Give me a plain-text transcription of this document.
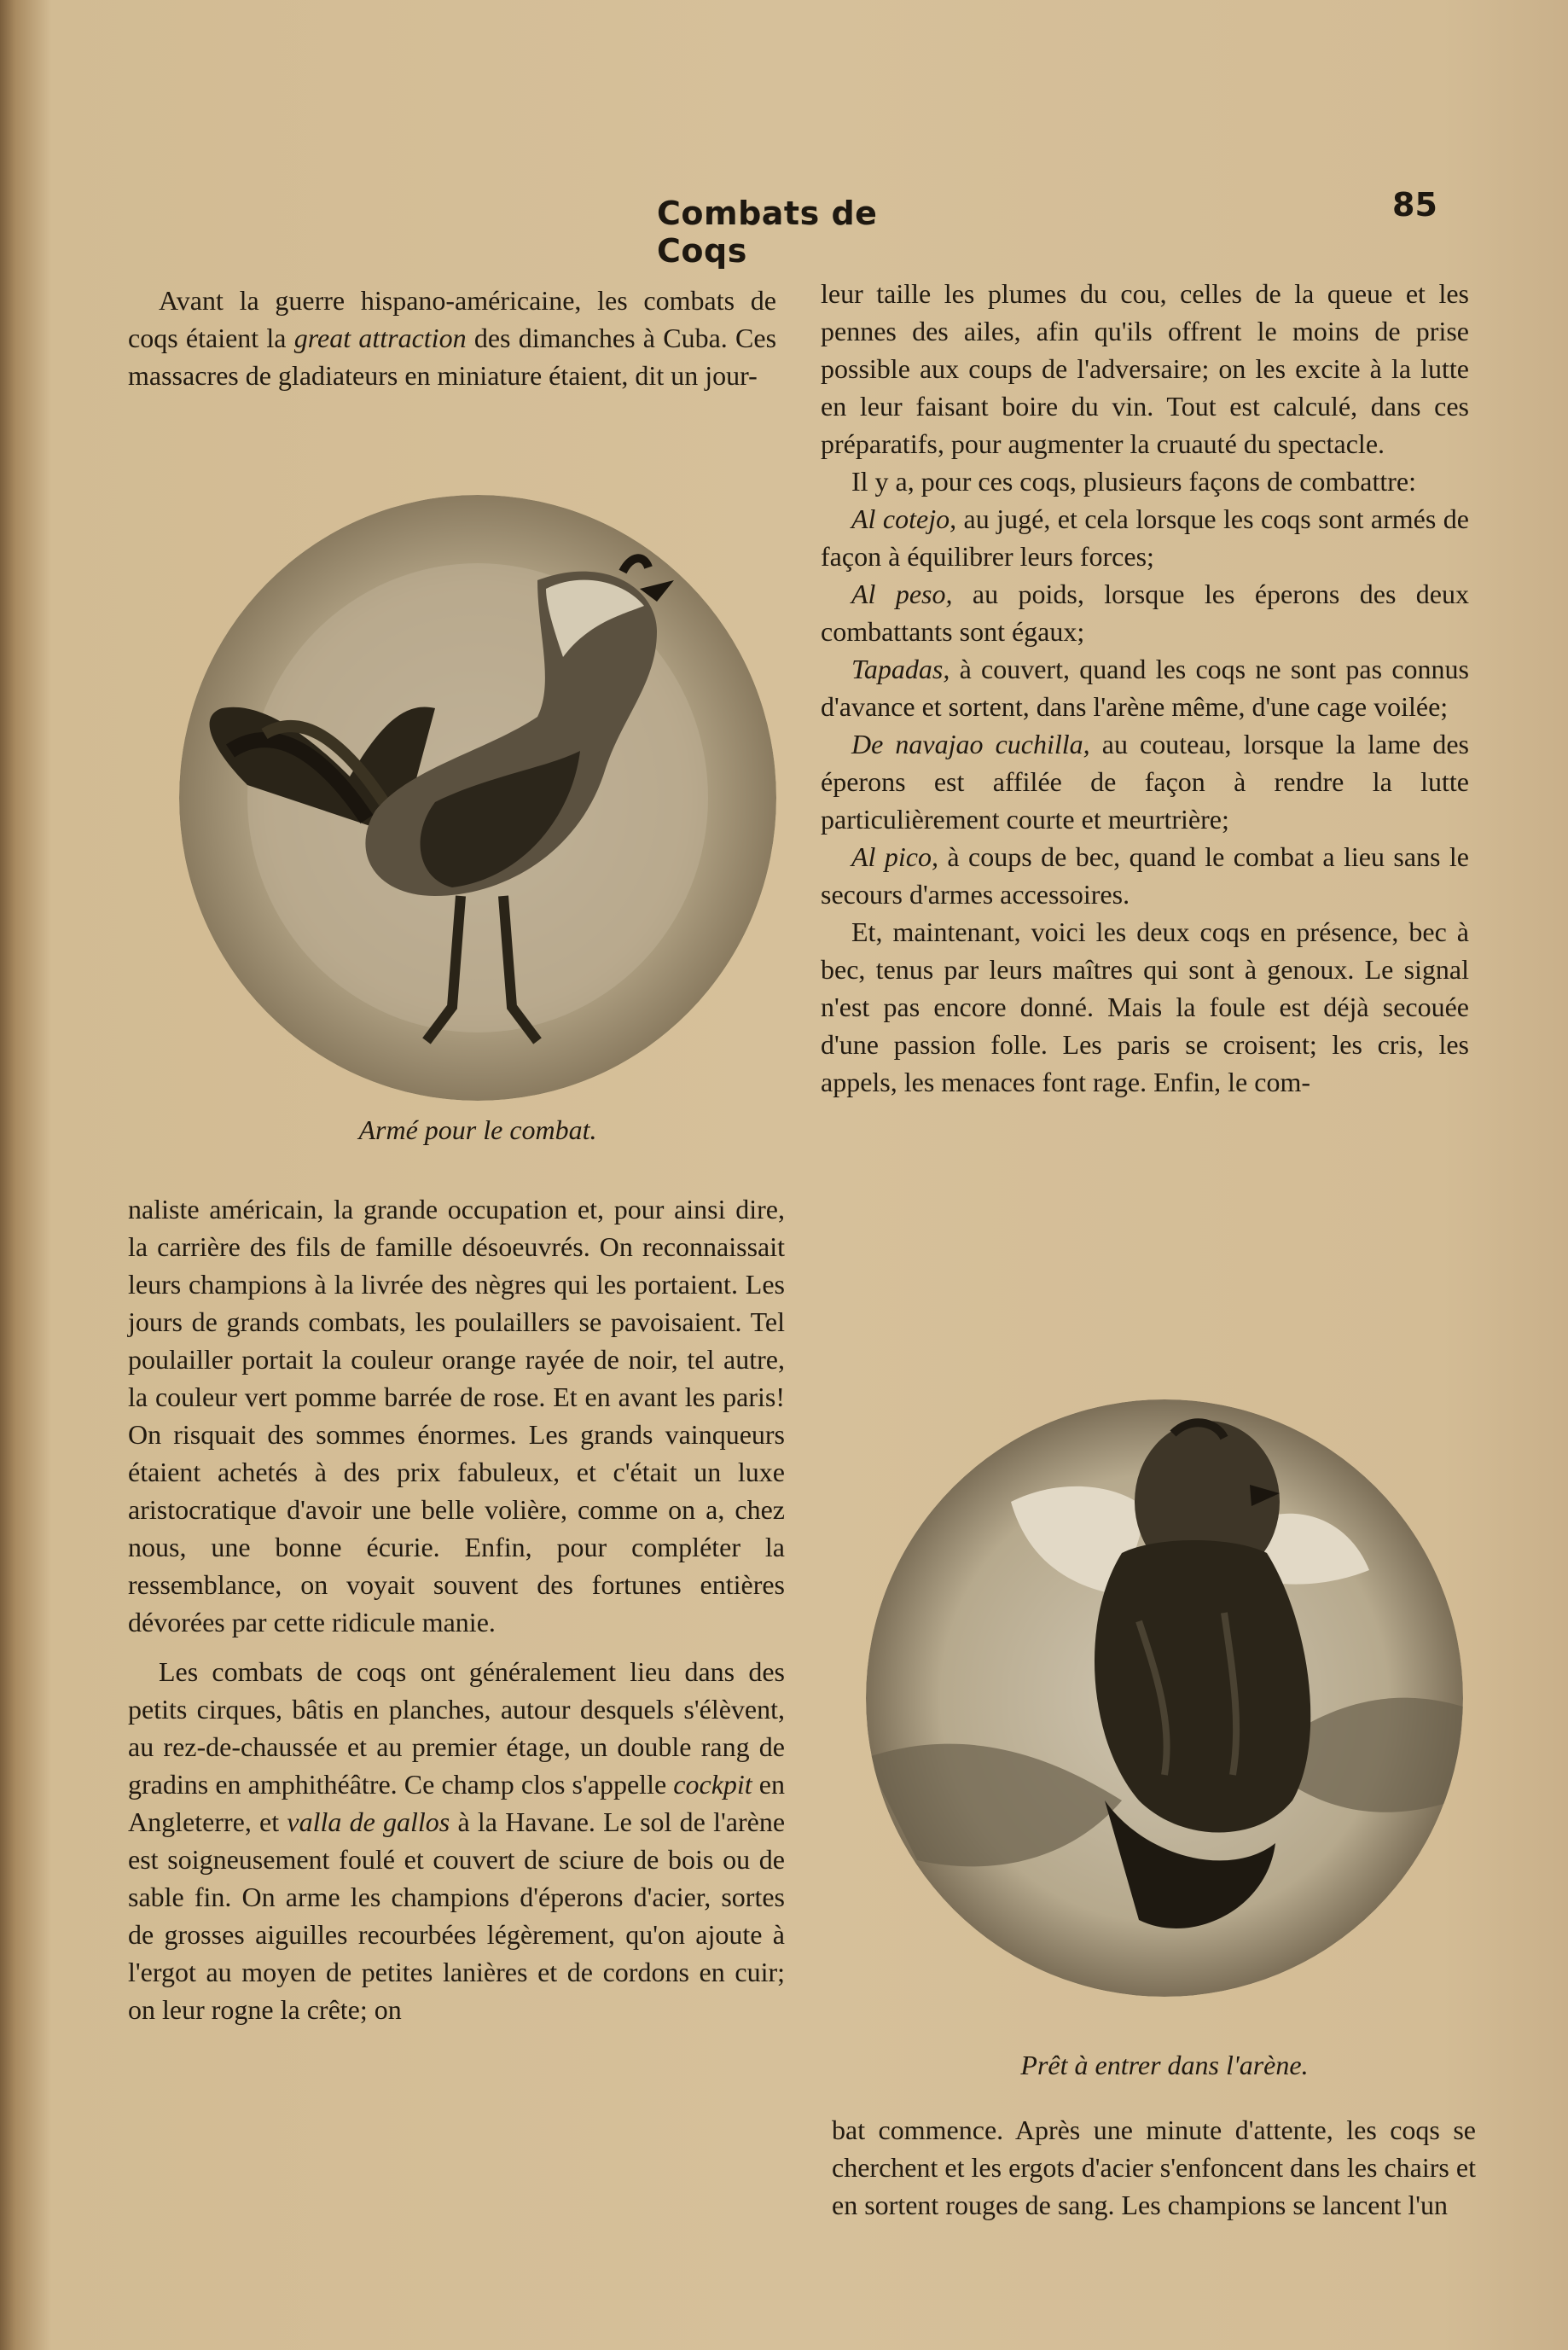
Combats de Coqs
85

Avant la guerre hispano-américaine, les combats de coqs étaient la great attraction des dimanches à Cuba. Ces massacres de gladiateurs en miniature étaient, dit un jour-

Armé pour le combat.

naliste américain, la grande occupation et, pour ainsi dire, la carrière des fils de famille désoeuvrés. On reconnaissait leurs champions à la livrée des nègres qui les portaient. Les jours de grands combats, les poulaillers se pavoisaient. Tel poulailler portait la couleur orange rayée de noir, tel autre, la couleur vert pomme barrée de rose. Et en avant les paris! On risquait des sommes énormes. Les grands vainqueurs étaient achetés à des prix fabuleux, et c'était un luxe aristocratique d'avoir une belle volière, comme on a, chez nous, une bonne écurie. Enfin, pour compléter la ressemblance, on voyait souvent des fortunes entières dévorées par cette ridicule manie.

Les combats de coqs ont généralement lieu dans des petits cirques, bâtis en planches, autour desquels s'élèvent, au rez-de-chaussée et au premier étage, un double rang de gradins en amphithéâtre. Ce champ clos s'appelle cockpit en Angleterre, et valla de gallos à la Havane. Le sol de l'arène est soigneusement foulé et couvert de sciure de bois ou de sable fin. On arme les champions d'éperons d'acier, sortes de grosses aiguilles recourbées légèrement, qu'on ajoute à l'ergot au moyen de petites lanières et de cordons en cuir; on leur rogne la crête; on

leur taille les plumes du cou, celles de la queue et les pennes des ailes, afin qu'ils offrent le moins de prise possible aux coups de l'adversaire; on les excite à la lutte en leur faisant boire du vin. Tout est calculé, dans ces préparatifs, pour augmenter la cruauté du spectacle.

Il y a, pour ces coqs, plusieurs façons de combattre:

Al cotejo, au jugé, et cela lorsque les coqs sont armés de façon à équilibrer leurs forces;

Al peso, au poids, lorsque les éperons des deux combattants sont égaux;

Tapadas, à couvert, quand les coqs ne sont pas connus d'avance et sortent, dans l'arène même, d'une cage voilée;

De navajao cuchilla, au couteau, lorsque la lame des éperons est affilée de façon à rendre la lutte particulièrement courte et meurtrière;

Al pico, à coups de bec, quand le combat a lieu sans le secours d'armes accessoires.

Et, maintenant, voici les deux coqs en présence, bec à bec, tenus par leurs maîtres qui sont à genoux. Le signal n'est pas encore donné. Mais la foule est déjà secouée d'une passion folle. Les paris se croisent; les cris, les appels, les menaces font rage. Enfin, le com-

Prêt à entrer dans l'arène.

bat commence. Après une minute d'attente, les coqs se cherchent et les ergots d'acier s'enfoncent dans les chairs et en sortent rouges de sang. Les champions se lancent l'un
